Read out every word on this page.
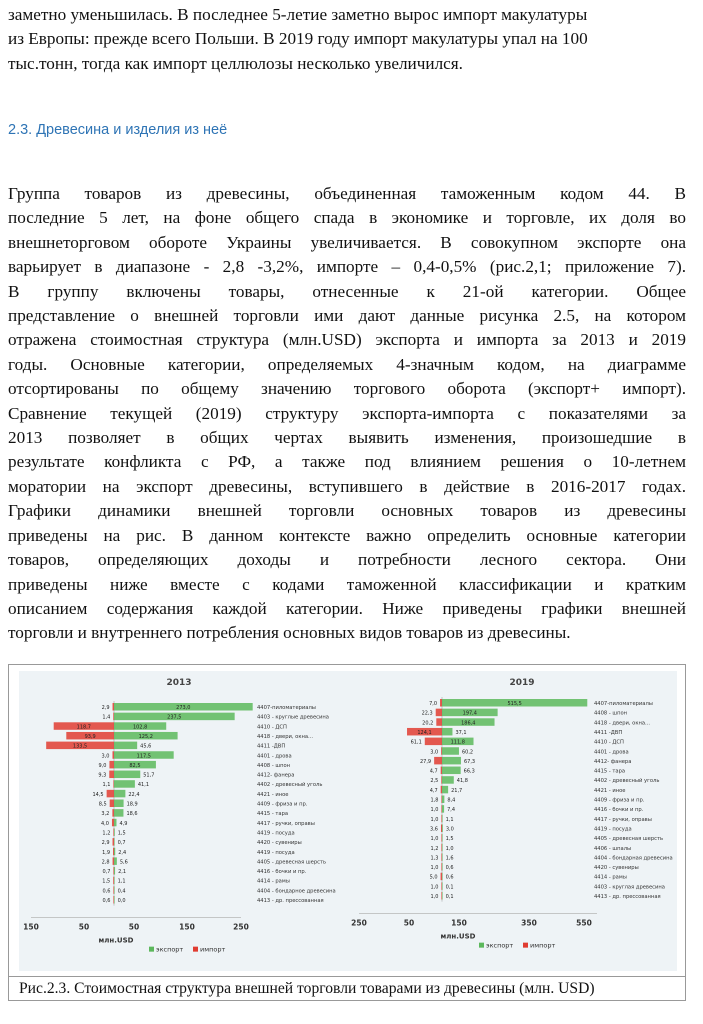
заметно уменьшилась. В последнее 5-летие заметно вырос импорт макулатуры
из Европы: прежде всего Польши. В 2019 году импорт макулатуры упал на 100
тыс.тонн, тогда как импорт целлюлозы несколько увеличился.
2.3. Древесина и изделия из неё
Группа товаров из древесины, объединенная таможенным кодом 44. В
последние 5 лет, на фоне общего спада в экономике и торговле, их доля во
внешнеторговом обороте Украины увеличивается. В совокупном экспорте она
варьирует в диапазоне - 2,8 -3,2%, импорте – 0,4-0,5% (рис.2,1; приложение 7).
В группу включены товары, отнесенные к 21-ой категории. Общее
представление о внешней торговли ими дают данные рисунка 2.5, на котором
отражена стоимостная структура (млн.USD) экспорта и импорта за 2013 и 2019
годы. Основные категории, определяемых 4-значным кодом, на диаграмме
отсортированы по общему значению торгового оборота (экспорт+ импорт).
Сравнение текущей (2019) структуру экспорта-импорта с показателями за
2013 позволяет в общих чертах выявить изменения, произошедшие в
результате конфликта с РФ, а также под влиянием решения о 10-летнем
моратории на экспорт древесины, вступившего в действие в 2016-2017 годах.
Графики динамики внешней торговли основных товаров из древесины
приведены на рис. В данном контексте важно определить основные категории
товаров, определяющих доходы и потребности лесного сектора. Они
приведены ниже вместе с кодами таможенной классификации и кратким
описанием содержания каждой категории. Ниже приведены графики внешней
торговли и внутреннего потребления основных видов товаров из древесины.
2013
150	50	50	150	250
млн.USD
273,0
2,9	4407-пиломатериалы
237,5
1,4	4403 - круглые древесина
102,8
118,7	4410 - ДСП
125,2
93,9	4418 - двери, окна...
45,6
133,5	4411 -ДВП
117,5
3,0	4401 - дрова
82,5
9,0	4408 - шпон
51,7
9,3	4412- фанера
41,1
1,1	4402 - древесный уголь
22,4
14,5	4421 - иное
18,9
8,5	4409 - фриза и пр.
18,6
3,2	4415 - тара
4,9
4,0	4417 - ручки, оправы
1,5
1,2	4419 - посуда
0,7
2,9	4420 - сувениры
2,4
1,9	4419 - посуда
5,6
2,8	4405 - древесная шерсть
2,1
0,7	4416 - бочки и пр.
1,1
1,5	4414 - рамы
0,4
0,6	4404 - бондарное древесина
0,0
0,6	4413 - др. прессованная
экспорт	импорт
2019
250	50	150	350	550
млн.USD
515,5
7,0	4407-пиломатериалы
197,4
22,3	4408 - шпон
186,4
20,2	4418 - двери, окна...
37,1
124,1	4411 -ДВП
111,8
61,1	4410 - ДСП
60,2
3,0	4401 - дрова
67,3
27,9	4412- фанера
66,3
4,7	4415 - тара
41,8
2,5	4402 - древесный уголь
21,7
4,7	4421 - иное
8,4
1,8	4409 - фриза и пр.
7,4
1,0	4416 - бочки и пр.
1,1
1,0	4417 - ручки, оправы
3,0
3,6	4419 - посуда
1,5
1,0	4405 - древесная шерсть
1,0
1,2	4406 - шпалы
1,6
1,3	4404 - бондарная древесина
0,6
1,0	4420 - сувениры
0,6
5,0	4414 - рамы
0,1
1,0	4403 - круглая древесина
0,1
1,0	4413 - др. прессованная
экспорт	импорт
Рис.2.3. Стоимостная структура внешней торговли товарами из древесины (млн. USD)
